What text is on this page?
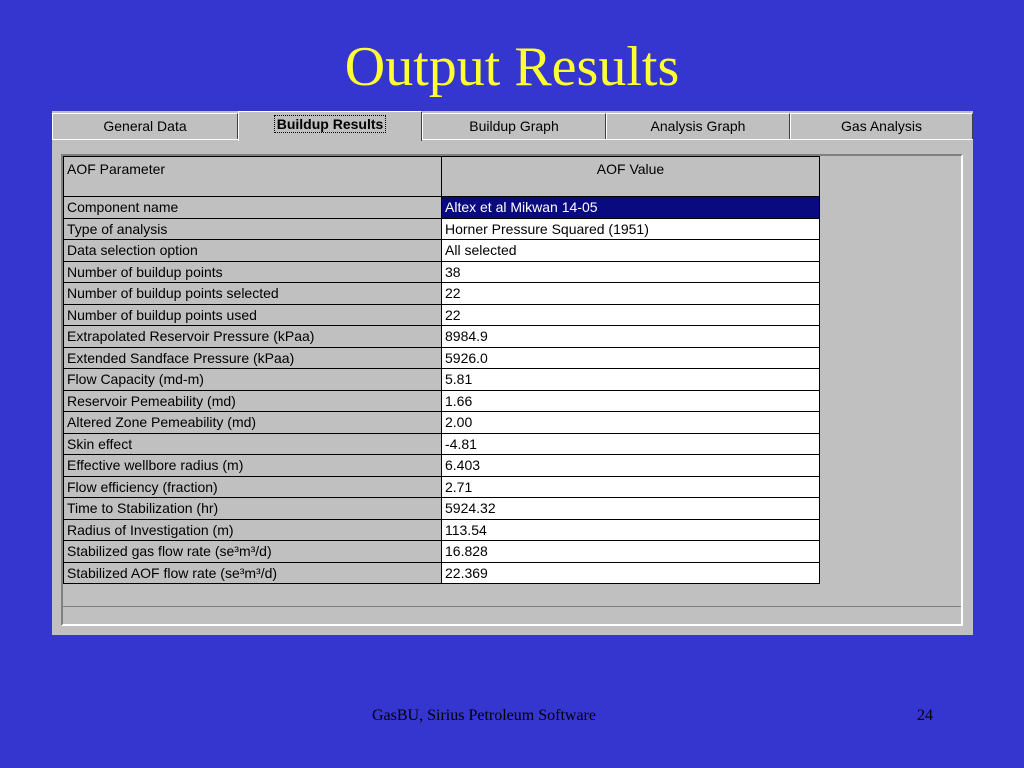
Output Results
General Data	Buildup Results	Buildup Graph	Analysis Graph	Gas Analysis
AOF Parameter	AOF Value
Component name	Altex et al Mikwan 14-05
Type of analysis	Horner Pressure Squared (1951)
Data selection option	All selected
Number of buildup points	38
Number of buildup points selected	22
Number of buildup points used	22
Extrapolated Reservoir Pressure (kPaa)	8984.9
Extended Sandface Pressure (kPaa)	5926.0
Flow Capacity (md-m)	5.81
Reservoir Pemeability (md)	1.66
Altered Zone Pemeability (md)	2.00
Skin effect	-4.81
Effective wellbore radius (m)	6.403
Flow efficiency (fraction)	2.71
Time to Stabilization (hr)	5924.32
Radius of Investigation (m)	113.54
Stabilized gas flow rate (se³m³/d)	16.828
Stabilized AOF flow rate (se³m³/d)	22.369
GasBU, Sirius Petroleum Software	24
